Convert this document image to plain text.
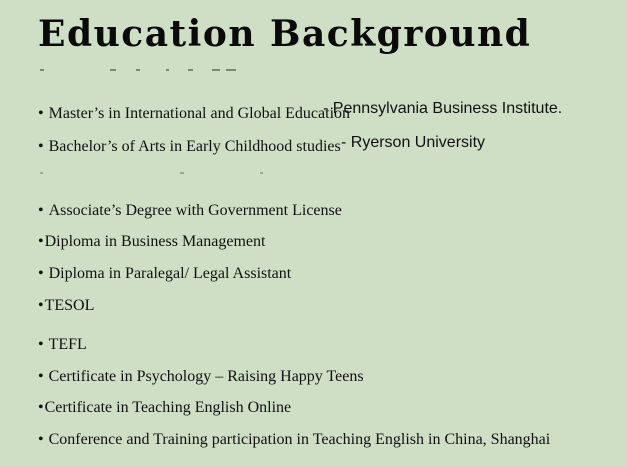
Education Background
• Master’s in International and Global Education
• Bachelor’s of Arts in Early Childhood studies
• Associate’s Degree with Government License
•Diploma in Business Management
• Diploma in Paralegal/ Legal Assistant
•TESOL
• TEFL
• Certificate in Psychology – Raising Happy Teens
•Certificate in Teaching English Online
• Conference and Training participation in Teaching English in China, Shanghai
- Pennsylvania Business Institute.
- Ryerson University
